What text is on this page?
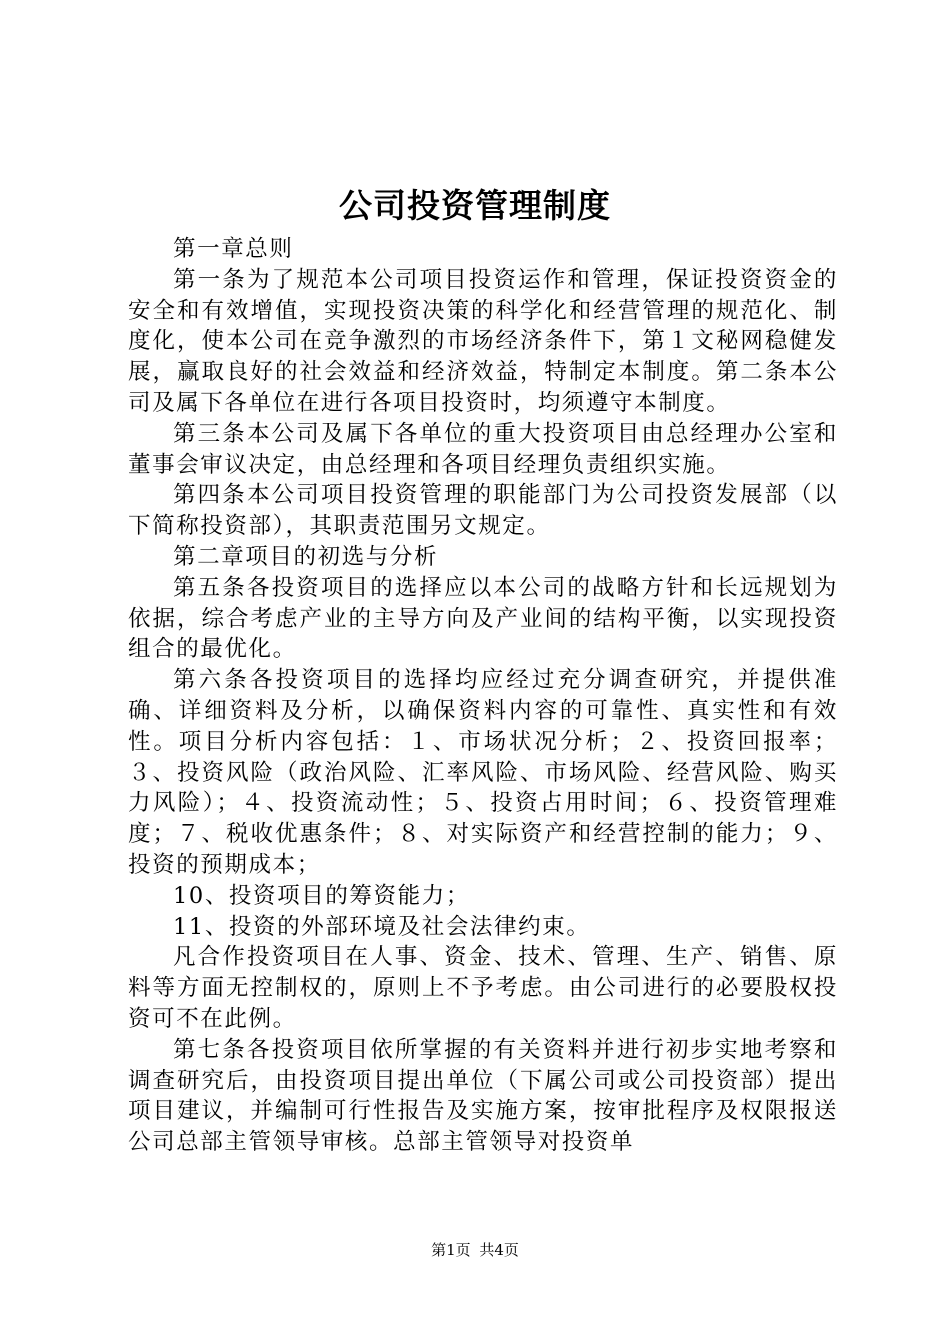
公司投资管理制度

第一章总则

第一条为了规范本公司项目投资运作和管理，保证投资资金的安全和有效增值，实现投资决策的科学化和经营管理的规范化、制度化，使本公司在竞争激烈的市场经济条件下，第１文秘网稳健发展，赢取良好的社会效益和经济效益，特制定本制度。第二条本公司及属下各单位在进行各项目投资时，均须遵守本制度。

第三条本公司及属下各单位的重大投资项目由总经理办公室和董事会审议决定，由总经理和各项目经理负责组织实施。

第四条本公司项目投资管理的职能部门为公司投资发展部（以下简称投资部），其职责范围另文规定。

第二章项目的初选与分析

第五条各投资项目的选择应以本公司的战略方针和长远规划为依据，综合考虑产业的主导方向及产业间的结构平衡，以实现投资组合的最优化。

第六条各投资项目的选择均应经过充分调查研究，并提供准确、详细资料及分析，以确保资料内容的可靠性、真实性和有效性。项目分析内容包括：１、市场状况分析；２、投资回报率；３、投资风险（政治风险、汇率风险、市场风险、经营风险、购买力风险）；４、投资流动性；５、投资占用时间；６、投资管理难度；７、税收优惠条件；８、对实际资产和经营控制的能力；９、投资的预期成本；

10、投资项目的筹资能力；

11、投资的外部环境及社会法律约束。

凡合作投资项目在人事、资金、技术、管理、生产、销售、原料等方面无控制权的，原则上不予考虑。由公司进行的必要股权投资可不在此例。

第七条各投资项目依所掌握的有关资料并进行初步实地考察和调查研究后，由投资项目提出单位（下属公司或公司投资部）提出项目建议，并编制可行性报告及实施方案，按审批程序及权限报送公司总部主管领导审核。总部主管领导对投资单

第1页 共4页
